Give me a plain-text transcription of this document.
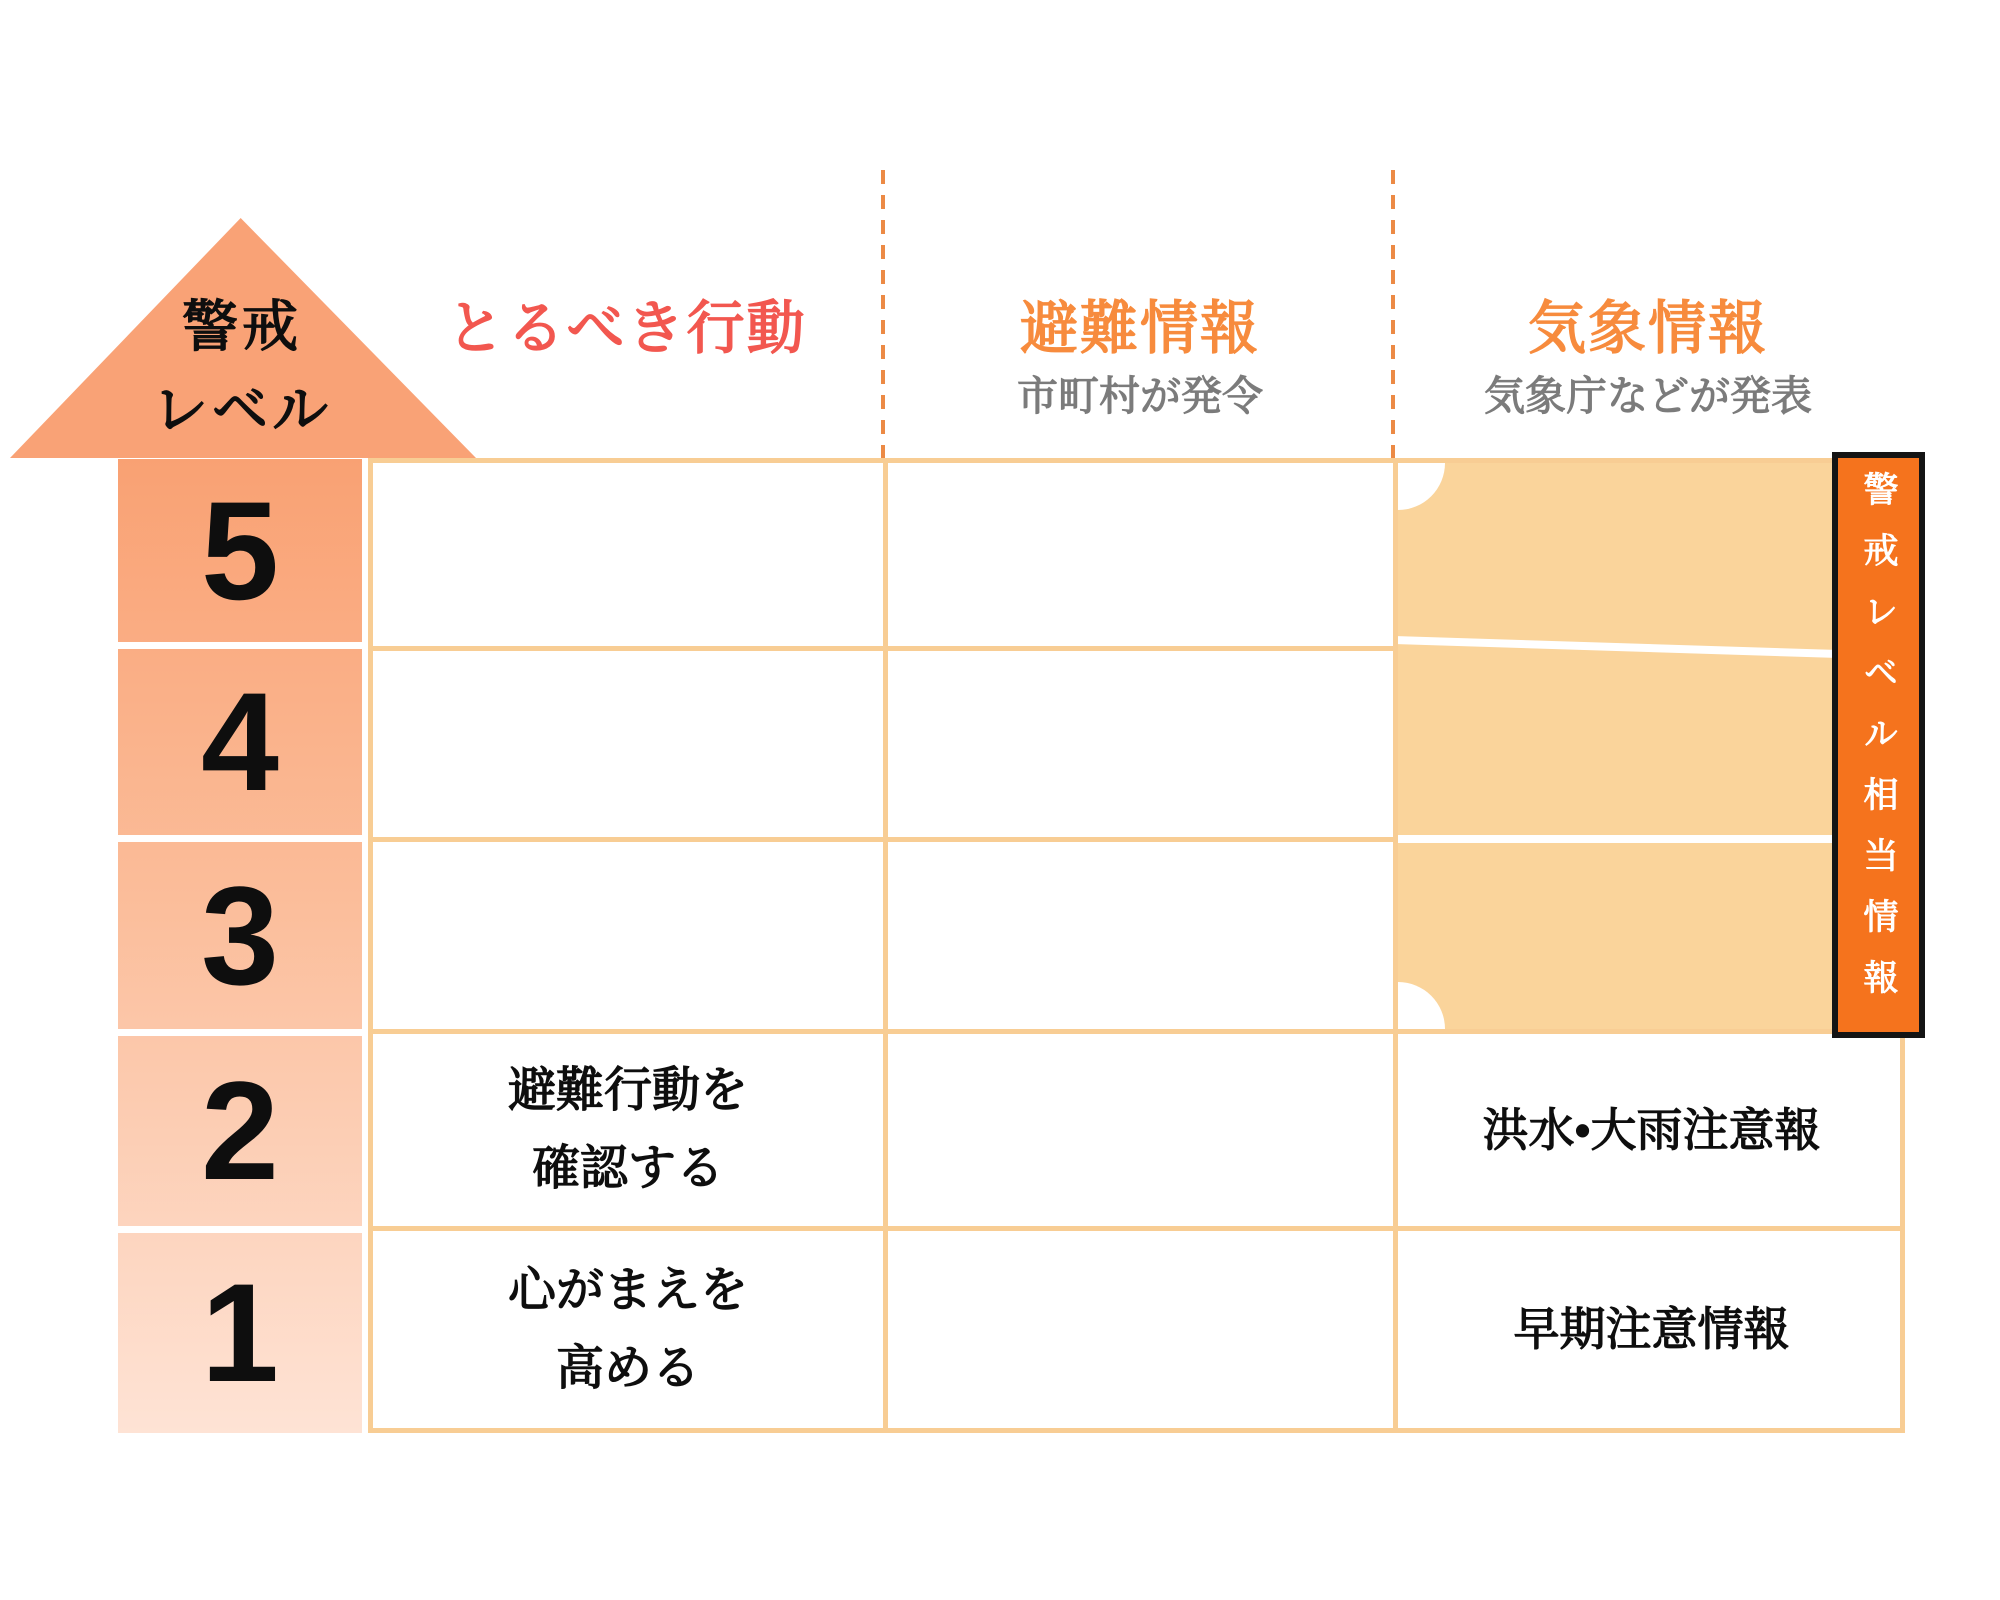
警戒
レベル
5
4
3
2
1
とるべき行動	避難情報
市町村が発令
気象情報
気象庁などが発表
避難行動を
確認する
心がまえを
高める
洪水•大雨注意報
早期注意情報
警戒レベル相当情報
